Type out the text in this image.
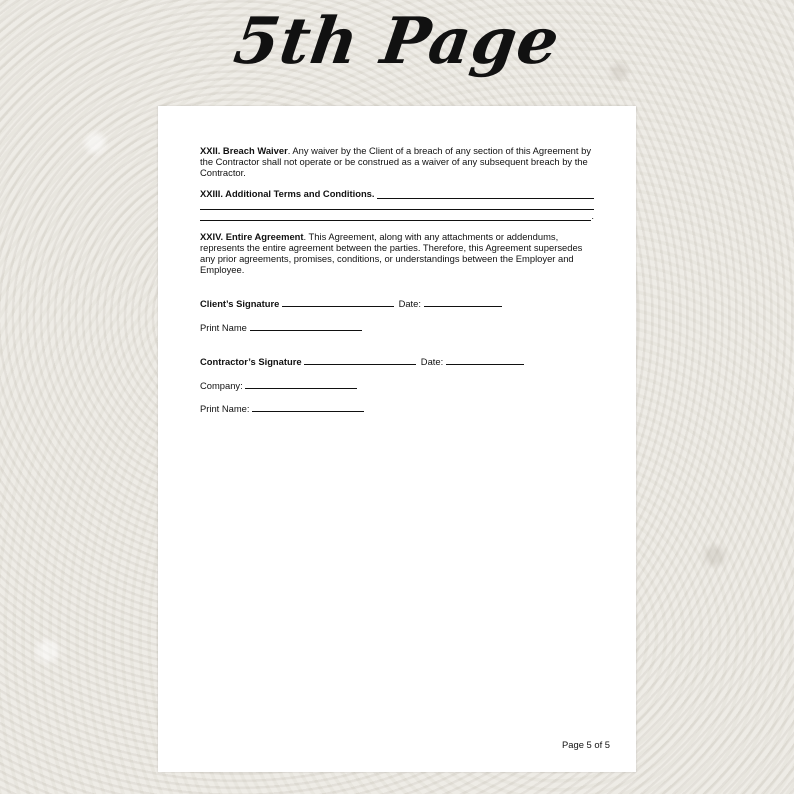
5th Page

XXII. Breach Waiver. Any waiver by the Client of a breach of any section of this Agreement by the Contractor shall not operate or be construed as a waiver of any subsequent breach by the Contractor.

XXIII. Additional Terms and Conditions.
.

XXIV. Entire Agreement. This Agreement, along with any attachments or addendums, represents the entire agreement between the parties. Therefore, this Agreement supersedes any prior agreements, promises, conditions, or understandings between the Employer and Employee.

Client’s Signature	Date:
Print Name
Contractor’s Signature	Date:
Company:
Print Name:
Page 5 of 5
